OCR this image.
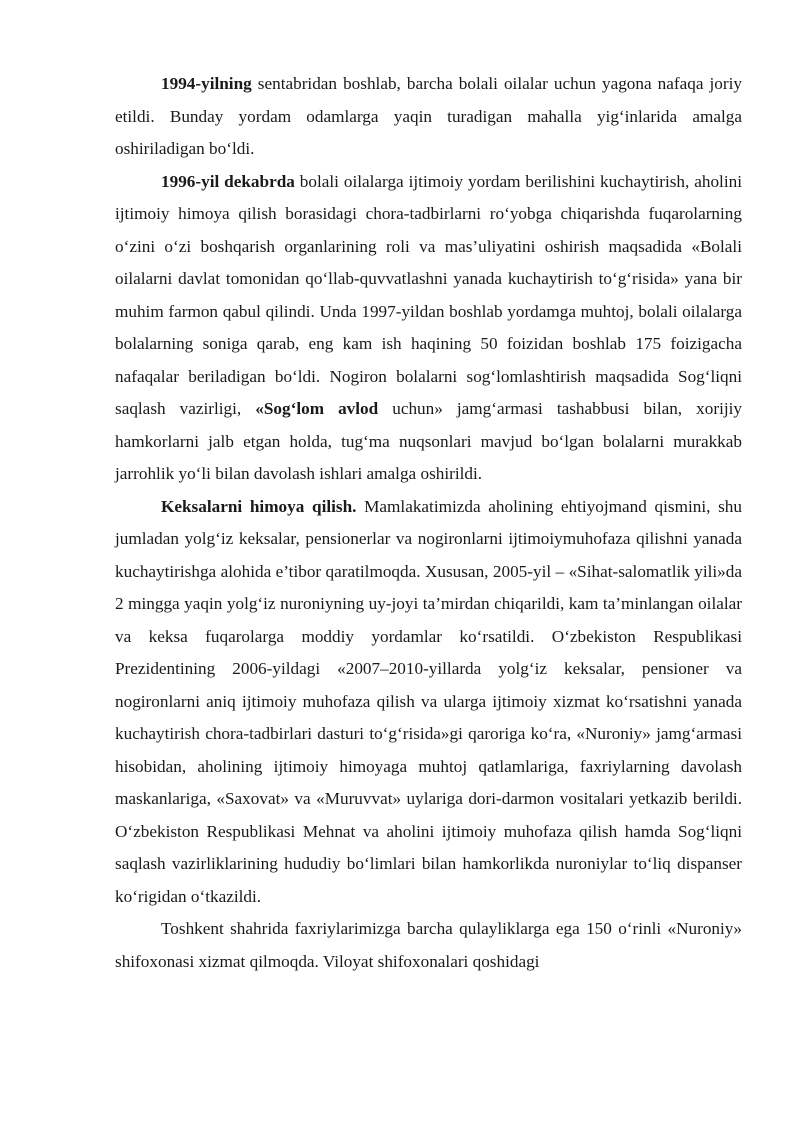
1994-yilning sentabridan boshlab, barcha bolali oilalar uchun yagona nafaqa joriy etildi. Bunday yordam odamlarga yaqin turadigan mahalla yig‘inlarida amalga oshiriladigan bo‘ldi.

1996-yil dekabrda bolali oilalarga ijtimoiy yordam berilishini kuchaytirish, aholini ijtimoiy himoya qilish borasidagi chora-tadbirlarni ro‘yobga chiqarishda fuqarolarning o‘zini o‘zi boshqarish organlarining roli va mas’uliyatini oshirish maqsadida «Bolali oilalarni davlat tomonidan qo‘llab-quvvatlashni yanada kuchaytirish to‘g‘risida» yana bir muhim farmon qabul qilindi. Unda 1997-yildan boshlab yordamga muhtoj, bolali oilalarga bolalarning soniga qarab, eng kam ish haqining 50 foizidan boshlab 175 foizigacha nafaqalar beriladigan bo‘ldi. Nogiron bolalarni sog‘lomlashtirish maqsadida Sog‘liqni saqlash vazirligi, «Sog‘lom avlod uchun» jamg‘armasi tashabbusi bilan, xorijiy hamkorlarni jalb etgan holda, tug‘ma nuqsonlari mavjud bo‘lgan bolalarni murakkab jarrohlik yo‘li bilan davolash ishlari amalga oshirildi.

Keksalarni himoya qilish. Mamlakatimizda aholining ehtiyojmand qismini, shu jumladan yolg‘iz keksalar, pensionerlar va nogironlarni ijtimoiymuhofaza qilishni yanada kuchaytirishga alohida e’tibor qaratilmoqda. Xususan, 2005-yil – «Sihat-salomatlik yili»da 2 mingga yaqin yolg‘iz nuroniyning uy-joyi ta’mirdan chiqarildi, kam ta’minlangan oilalar va keksa fuqarolarga moddiy yordamlar ko‘rsatildi. O‘zbekiston Respublikasi Prezidentining 2006-yildagi «2007–2010-yillarda yolg‘iz keksalar, pensioner va nogironlarni aniq ijtimoiy muhofaza qilish va ularga ijtimoiy xizmat ko‘rsatishni yanada kuchaytirish chora-tadbirlari dasturi to‘g‘risida»gi qaroriga ko‘ra, «Nuroniy» jamg‘armasi hisobidan, aholining ijtimoiy himoyaga muhtoj qatlamlariga, faxriylarning davolash maskanlariga, «Saxovat» va «Muruvvat» uylariga dori-darmon vositalari yetkazib berildi. O‘zbekiston Respublikasi Mehnat va aholini ijtimoiy muhofaza qilish hamda Sog‘liqni saqlash vazirliklarining hududiy bo‘limlari bilan hamkorlikda nuroniylar to‘liq dispanser ko‘rigidan o‘tkazildi.

Toshkent shahrida faxriylarimizga barcha qulayliklarga ega 150 o‘rinli «Nuroniy» shifoxonasi xizmat qilmoqda. Viloyat shifoxonalari qoshidagi
